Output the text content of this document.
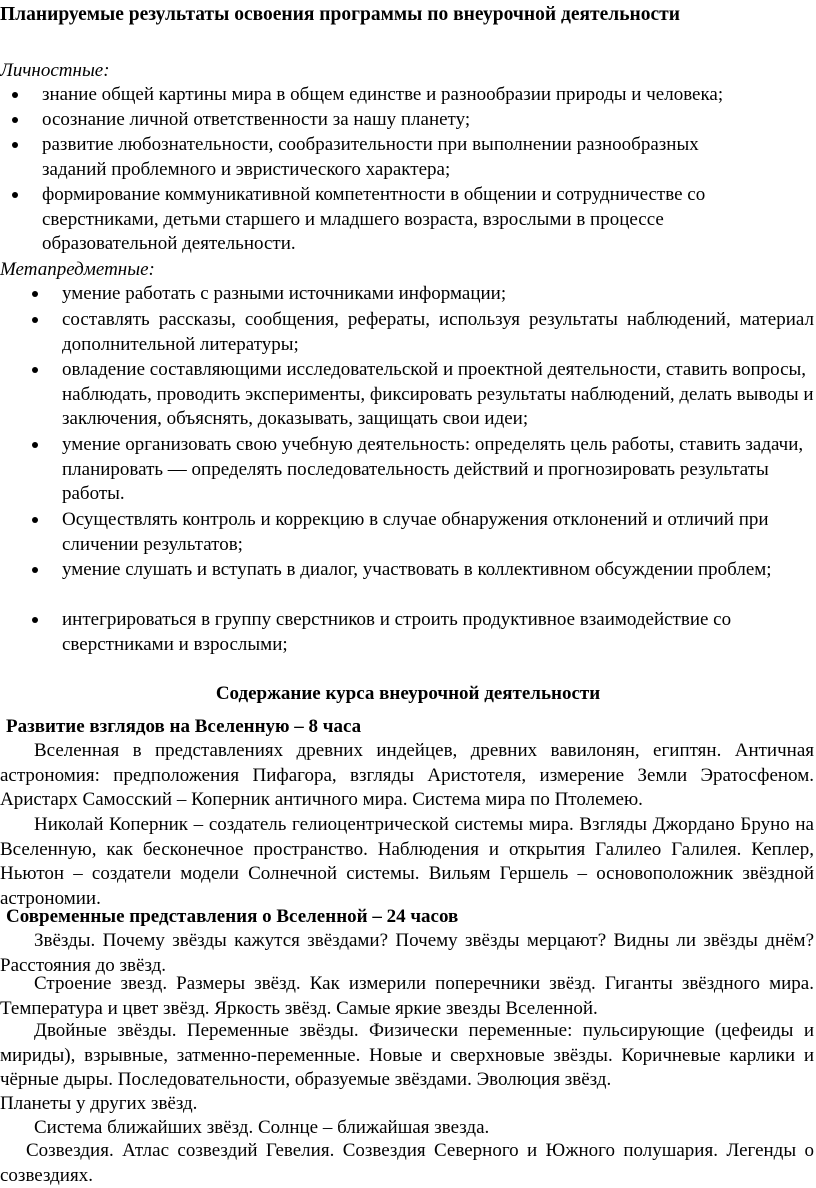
Планируемые результаты освоения программы по внеурочной деятельности
Личностные:
знание общей картины мира в общем единстве и разнообразии природы и человека;
осознание личной ответственности за нашу планету;
развитие любознательности, сообразительности при выполнении разнообразных заданий проблемного и эвристического характера;
формирование коммуникативной компетентности в общении и сотрудничестве со сверстниками, детьми старшего и младшего возраста, взрослыми в процессе образовательной деятельности.
Метапредметные:
умение работать с разными источниками информации;
составлять рассказы, сообщения, рефераты, используя результаты наблюдений, материал дополнительной литературы;
овладение составляющими исследовательской и проектной деятельности, ставить вопросы, наблюдать, проводить эксперименты, фиксировать результаты наблюдений, делать выводы и заключения, объяснять, доказывать, защищать свои идеи;
умение организовать свою учебную деятельность: определять цель работы, ставить задачи, планировать — определять последовательность действий и прогнозировать результаты работы.
Осуществлять контроль и коррекцию в случае обнаружения отклонений и отличий при сличении результатов;
умение слушать и вступать в диалог, участвовать в коллективном обсуждении проблем;
интегрироваться в группу сверстников и строить продуктивное взаимодействие со сверстниками и взрослыми;
Содержание курса внеурочной деятельности
Развитие взглядов на Вселенную – 8 часа
Вселенная в представлениях древних индейцев, древних вавилонян, египтян. Античная астрономия: предположения Пифагора, взгляды Аристотеля, измерение Земли Эратосфеном. Аристарх Самосский – Коперник античного мира. Система мира по Птолемею.
Николай Коперник – создатель гелиоцентрической системы мира. Взгляды Джордано Бруно на Вселенную, как бесконечное пространство. Наблюдения и открытия Галилео Галилея. Кеплер, Ньютон – создатели модели Солнечной системы. Вильям Гершель – основоположник звёздной астрономии.
Современные представления о Вселенной – 24 часов
Звёзды. Почему звёзды кажутся звёздами? Почему звёзды мерцают? Видны ли звёзды днём? Расстояния до звёзд.
Строение звезд. Размеры звёзд. Как измерили поперечники звёзд. Гиганты звёздного мира. Температура и цвет звёзд. Яркость звёзд. Самые яркие звезды Вселенной.
Двойные звёзды. Переменные звёзды. Физически переменные: пульсирующие (цефеиды и мириды), взрывные, затменно-переменные. Новые и сверхновые звёзды. Коричневые карлики и чёрные дыры. Последовательности, образуемые звёздами. Эволюция звёзд.
Планеты у других звёзд.
Система ближайших звёзд. Солнце – ближайшая звезда.
Созвездия. Атлас созвездий Гевелия. Созвездия Северного и Южного полушария. Легенды о созвездиях.
